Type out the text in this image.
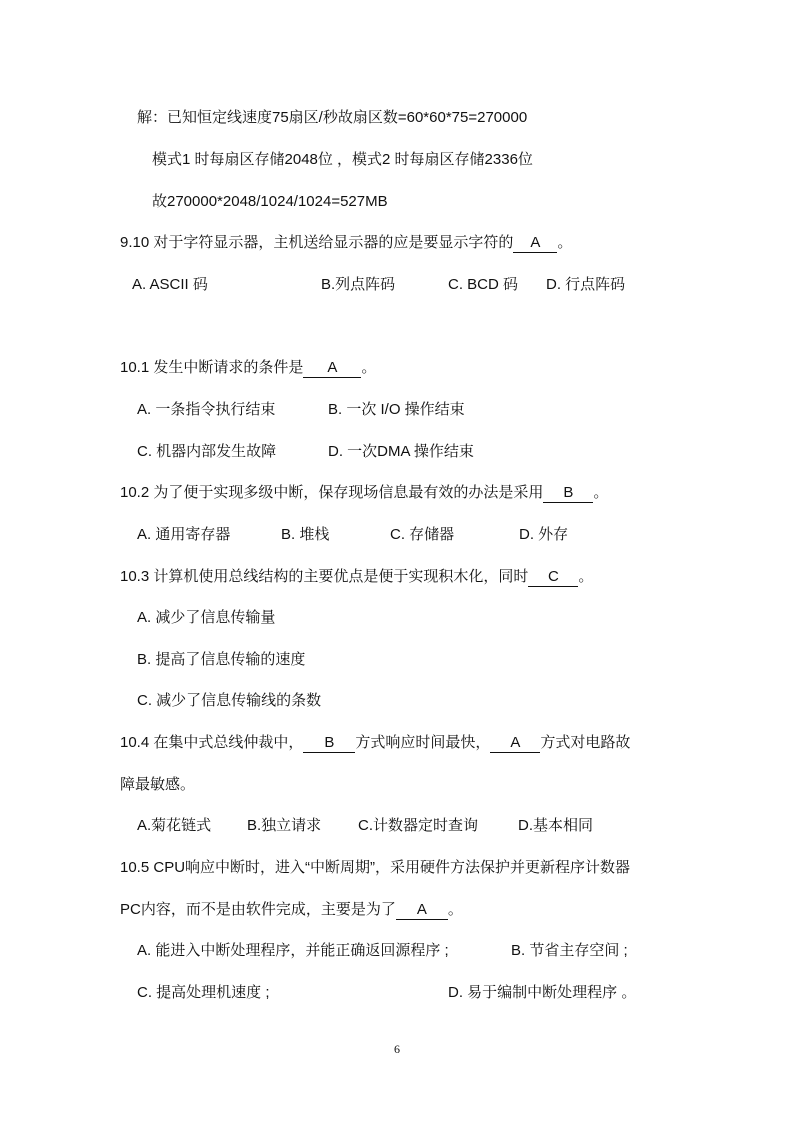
解：已知恒定线速度75扇区/秒故扇区数=60*60*75=270000
模式1 时每扇区存储2048位 ，模式2 时每扇区存储2336位
故270000*2048/1024/1024=527MB
9.10 对于字符显示器，主机送给显示器的应是要显示字符的 A 。
A. ASCII 码	B.列点阵码	C. BCD 码 D. 行点阵码
10.1 发生中断请求的条件是 A 。
A. 一条指令执行结束	B. 一次 I/O 操作结束
C. 机器内部发生故障	D. 一次DMA 操作结束
10.2 为了便于实现多级中断，保存现场信息最有效的办法是采用 B 。
A. 通用寄存器	B. 堆栈	C. 存储器	D. 外存
10.3 计算机使用总线结构的主要优点是便于实现积木化，同时 C 。
A. 减少了信息传输量
B. 提高了信息传输的速度
C. 减少了信息传输线的条数
10.4 在集中式总线仲裁中， B 方式响应时间最快， A 方式对电路故
障最敏感。
A.菊花链式 B.独立请求 C.计数器定时查询	D.基本相同
10.5 CPU响应中断时，进入“中断周期”，采用硬件方法保护并更新程序计数器
PC内容，而不是由软件完成，主要是为了 A 。
A. 能进入中断处理程序，并能正确返回源程序 ;	B. 节省主存空间 ;
C. 提高处理机速度 ;	D. 易于编制中断处理程序 。
6
